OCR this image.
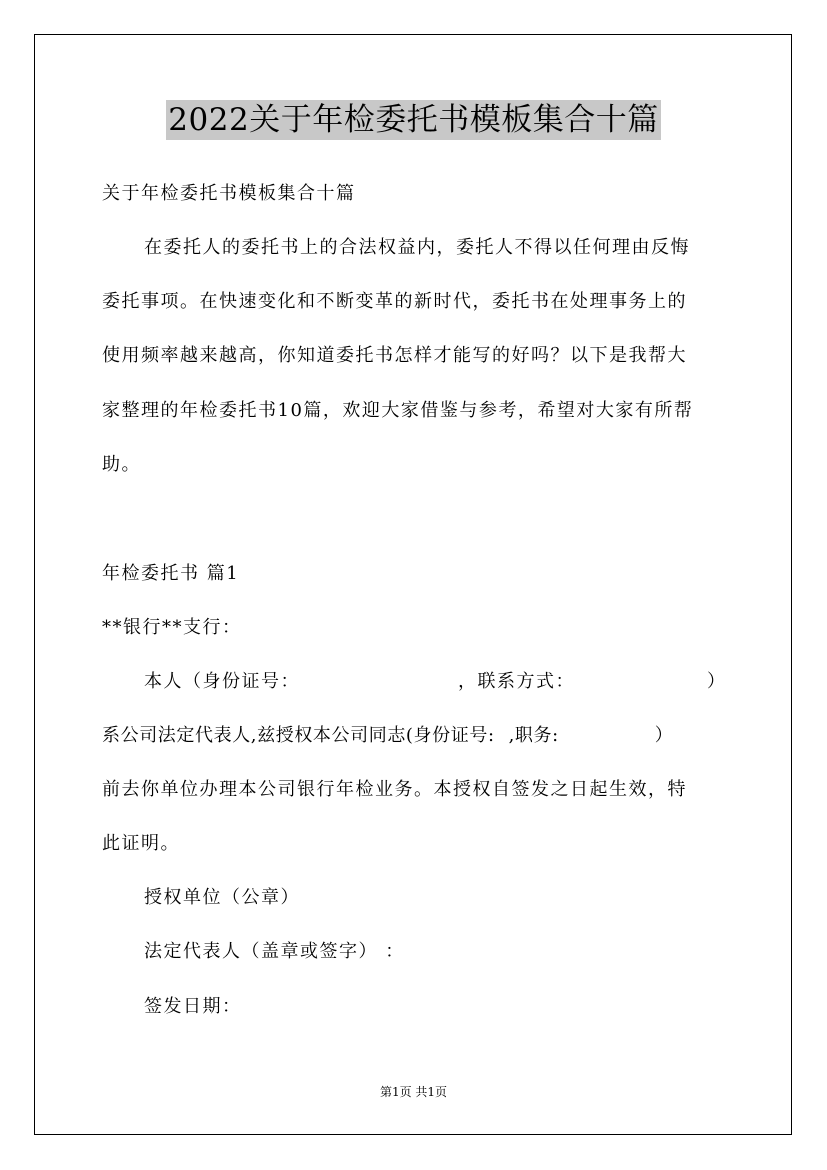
2022关于年检委托书模板集合十篇
关于年检委托书模板集合十篇
在委托人的委托书上的合法权益内，委托人不得以任何理由反悔
委托事项。在快速变化和不断变革的新时代，委托书在处理事务上的
使用频率越来越高，你知道委托书怎样才能写的好吗？以下是我帮大
家整理的年检委托书10篇，欢迎大家借鉴与参考，希望对大家有所帮
助。
年检委托书 篇1
**银行**支行：
本人（身份证号：	，联系方式：	）
系公司法定代表人,兹授权本公司同志(身份证号: ,职务:	）
前去你单位办理本公司银行年检业务。本授权自签发之日起生效，特
此证明。
授权单位（公章）
法定代表人（盖章或签字） ：
签发日期：
第1页 共1页
